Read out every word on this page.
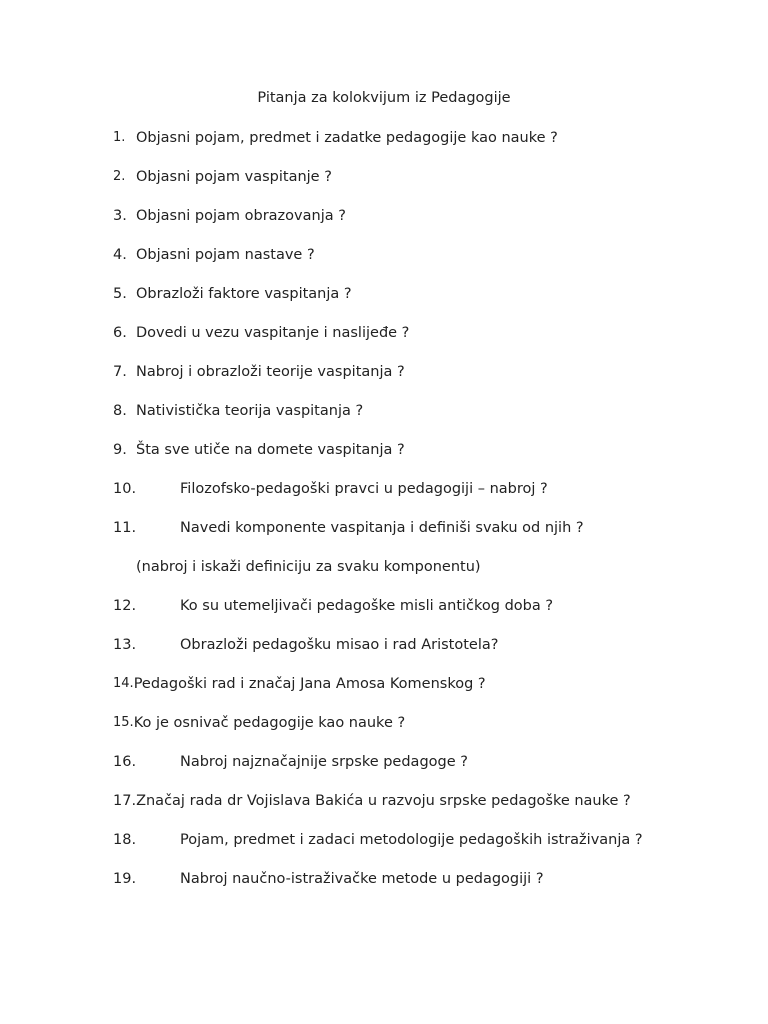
Pitanja za kolokvijum iz Pedagogije
1. Objasni pojam, predmet i zadatke pedagogije kao nauke ?
2. Objasni pojam vaspitanje ?
3. Objasni pojam obrazovanja ?
4. Objasni pojam nastave ?
5. Obrazloži faktore vaspitanja ?
6. Dovedi u vezu vaspitanje i naslijeđe ?
7. Nabroj i obrazloži teorije vaspitanja ?
8. Nativistička teorija vaspitanja ?
9. Šta sve utiče na domete vaspitanja ?
10.	Filozofsko-pedagoški pravci u pedagogiji – nabroj ?
11.	Navedi komponente vaspitanja i definiši svaku od njih ?
(nabroj i iskaži definiciju za svaku komponentu)
12.	Ko su utemeljivači pedagoške misli antičkog doba ?
13.	Obrazloži pedagošku misao i rad Aristotela?
14. Pedagoški rad i značaj Jana Amosa Komenskog ?
15. Ko je osnivač pedagogije kao nauke ?
16.	Nabroj najznačajnije srpske pedagoge ?
17. Značaj rada dr Vojislava Bakića u razvoju srpske pedagoške nauke ?
18.	Pojam, predmet i zadaci metodologije pedagoških istraživanja ?
19.	Nabroj naučno-istraživačke metode u pedagogiji ?
